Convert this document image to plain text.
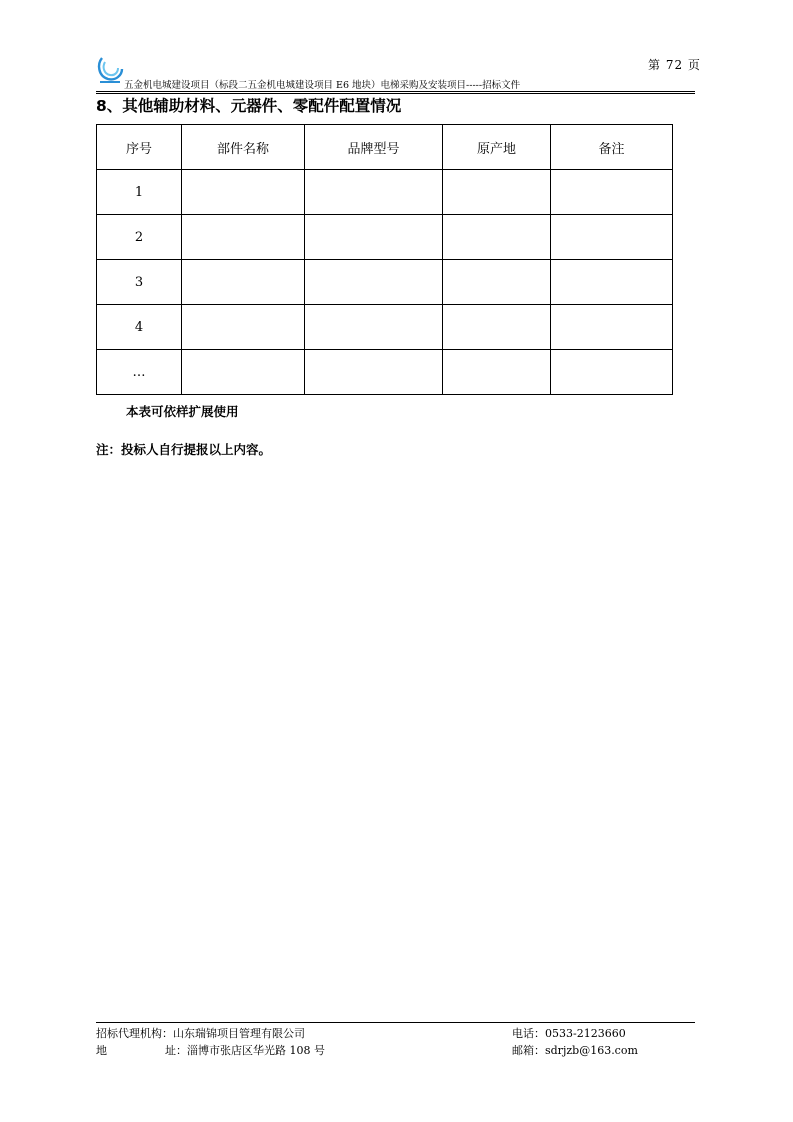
第 72 页
五金机电城建设项目（标段二五金机电城建设项目 E6 地块）电梯采购及安装项目-----招标文件
8、其他辅助材料、元器件、零配件配置情况
序号	部件名称	品牌型号	原产地	备注
1				
2				
3				
4				
…				
本表可依样扩展使用
注：投标人自行提报以上内容。
招标代理机构：山东瑞锦项目管理有限公司	电话：0533-2123660
地	址：淄博市张店区华光路 108 号	邮箱：sdrjzb@163.com
